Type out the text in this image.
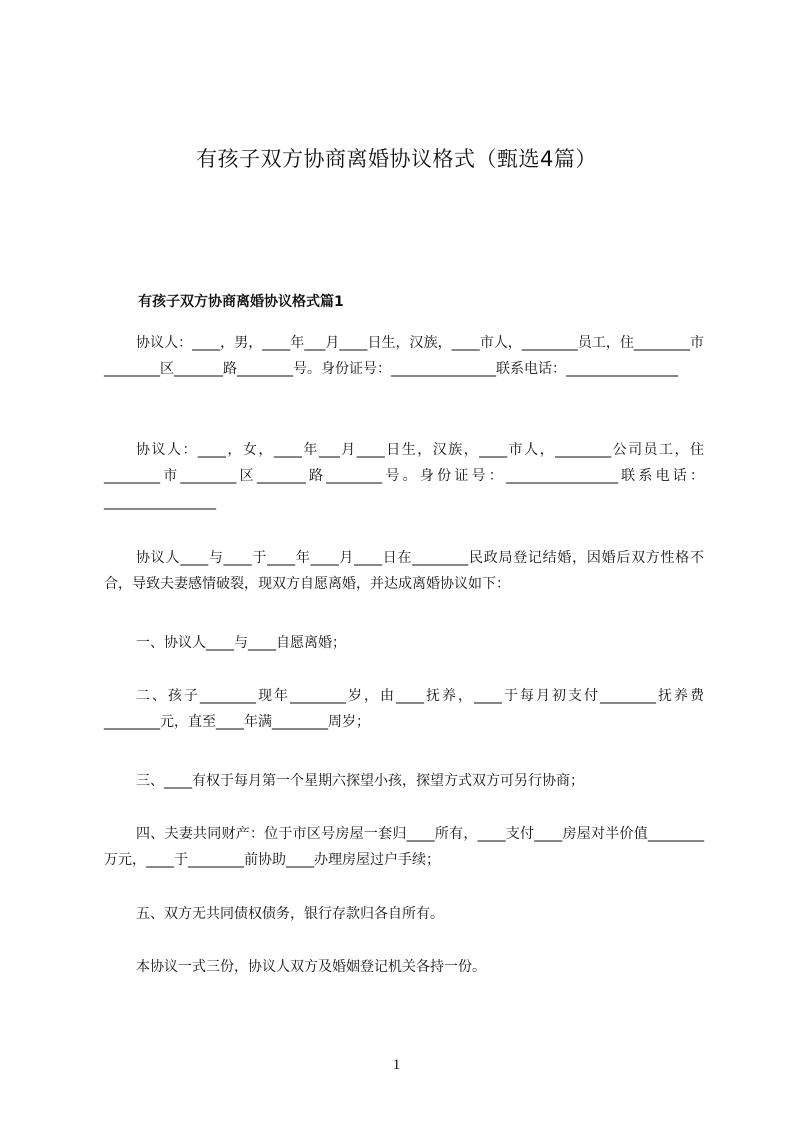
有孩子双方协商离婚协议格式（甄选4篇）
有孩子双方协商离婚协议格式篇1

协议人：____，男，____年___月____日生，汉族，____市人，________员工，住________市________区_______路________号。身份证号：_______________联系电话：________________

协议人：____，女，____年___月____日生，汉族，____市人，________公司员工，住________市________区_______路________号。身份证号：________________联系电话：________________

协议人____与____于____年____月____日在________民政局登记结婚，因婚后双方性格不合，导致夫妻感情破裂，现双方自愿离婚，并达成离婚协议如下：

一、协议人____与____自愿离婚；

二、孩子________现年________岁，由____抚养，____于每月初支付________抚养费________元，直至____年满________周岁；

三、____有权于每月第一个星期六探望小孩，探望方式双方可另行协商；

四、夫妻共同财产：位于市区号房屋一套归____所有，____支付____房屋对半价值________万元，____于________前协助____办理房屋过户手续；

五、双方无共同债权债务，银行存款归各自所有。

本协议一式三份，协议人双方及婚姻登记机关各持一份。

1
